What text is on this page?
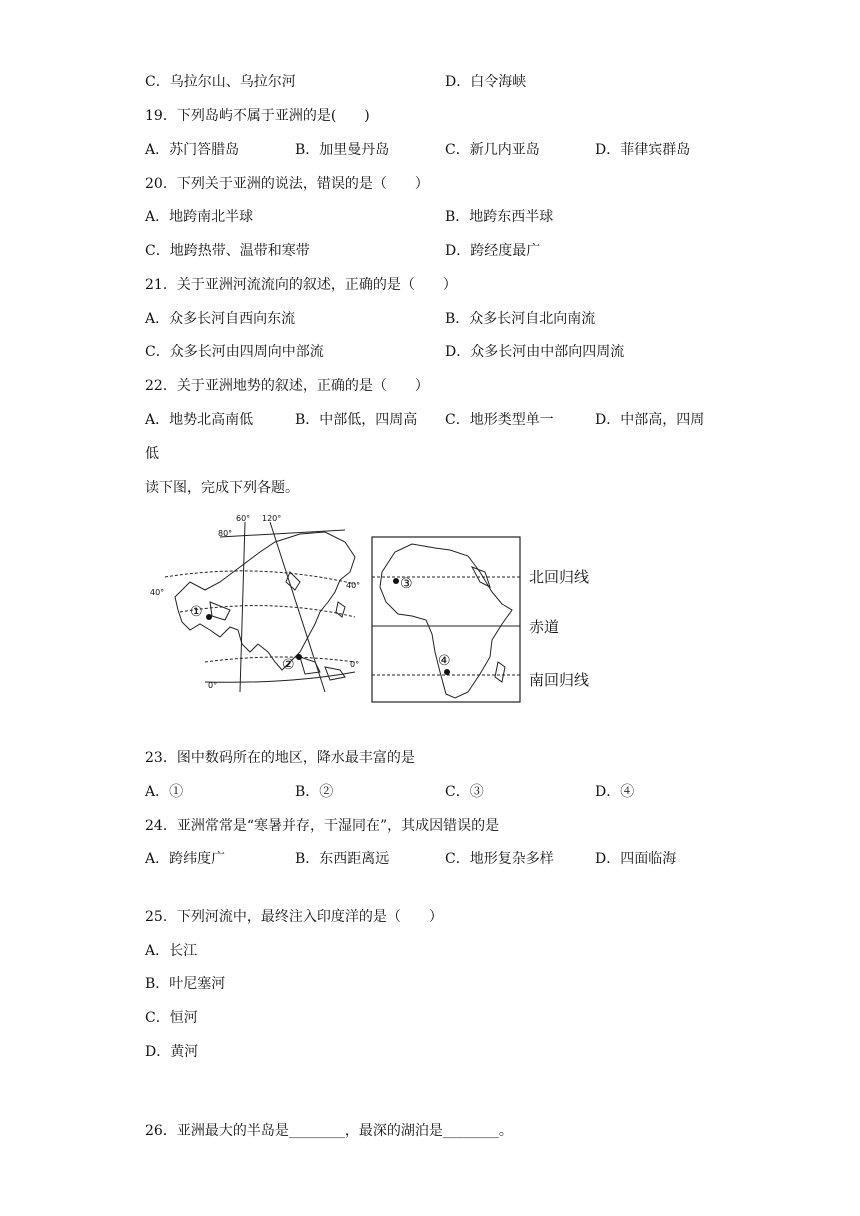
C．乌拉尔山、乌拉尔河	D．白令海峡
19．下列岛屿不属于亚洲的是(　　)
A．苏门答腊岛	B．加里曼丹岛	C．新几内亚岛	D．菲律宾群岛
20．下列关于亚洲的说法，错误的是（　　）
A．地跨南北半球	B．地跨东西半球
C．地跨热带、温带和寒带	D．跨经度最广
21．关于亚洲河流流向的叙述，正确的是（　　）
A．众多长河自西向东流	B．众多长河自北向南流
C．众多长河由四周向中部流	D．众多长河由中部向四周流
22．关于亚洲地势的叙述，正确的是（　　）
A．地势北高南低	B．中部低，四周高 C．地形类型单一	D．中部高，四周
低
读下图，完成下列各题。
60° 120°
80°
40°
40°
0°
0°
①
②
③
④
北回归线
赤道
南回归线
23．图中数码所在的地区，降水最丰富的是
A．①	B．②	C．③	D．④
24．亚洲常常是“寒暑并存，干湿同在”，其成因错误的是
A．跨纬度广	B．东西距离远	C．地形复杂多样	D．四面临海
25．下列河流中，最终注入印度洋的是（　　）
A．长江
B．叶尼塞河
C．恒河
D．黄河
26．亚洲最大的半岛是________，最深的湖泊是________。
